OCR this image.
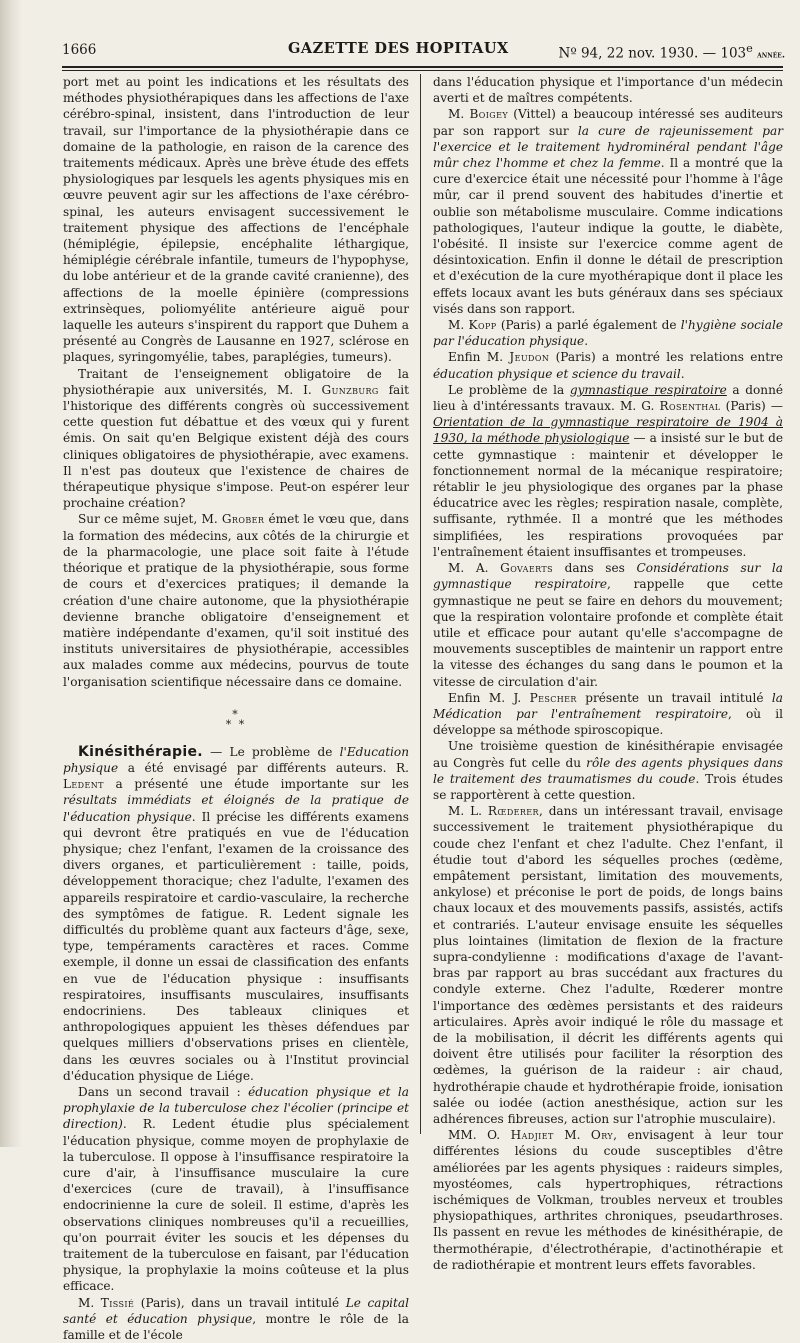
1666	GAZETTE DES HOPITAUX	Nº 94, 22 nov. 1930. — 103e année.

port met au point les indications et les résultats des méthodes physiothérapiques dans les affections de l'axe cérébro-spinal, insistent, dans l'introduction de leur travail, sur l'importance de la physiothérapie dans ce domaine de la pathologie, en raison de la carence des traitements médicaux. Après une brève étude des effets physiologiques par lesquels les agents physiques mis en œuvre peuvent agir sur les affections de l'axe cérébro-spinal, les auteurs envisagent successivement le traitement physique des affections de l'encéphale (hémiplégie, épilepsie, encéphalite léthargique, hémiplégie cérébrale infantile, tumeurs de l'hypophyse, du lobe antérieur et de la grande cavité cranienne), des affections de la moelle épinière (compressions extrinsèques, poliomyélite antérieure aiguë pour laquelle les auteurs s'inspirent du rapport que Duhem a présenté au Congrès de Lausanne en 1927, sclérose en plaques, syringomyélie, tabes, paraplégies, tumeurs).

Traitant de l'enseignement obligatoire de la physiothérapie aux universités, M. I. Gunzburg fait l'historique des différents congrès où successivement cette question fut débattue et des vœux qui y furent émis. On sait qu'en Belgique existent déjà des cours cliniques obligatoires de physiothérapie, avec examens. Il n'est pas douteux que l'existence de chaires de thérapeutique physique s'impose. Peut-on espérer leur prochaine création?

Sur ce même sujet, M. Grober émet le vœu que, dans la formation des médecins, aux côtés de la chirurgie et de la pharmacologie, une place soit faite à l'étude théorique et pratique de la physiothérapie, sous forme de cours et d'exercices pratiques; il demande la création d'une chaire autonome, que la physiothérapie devienne branche obligatoire d'enseignement et matière indépendante d'examen, qu'il soit institué des instituts universitaires de physiothérapie, accessibles aux malades comme aux médecins, pourvus de toute l'organisation scientifique nécessaire dans ce domaine.

*
* *

Kinésithérapie. — Le problème de l'Education physique a été envisagé par différents auteurs. R. Ledent a présenté une étude importante sur les résultats immédiats et éloignés de la pratique de l'éducation physique. Il précise les différents examens qui devront être pratiqués en vue de l'éducation physique; chez l'enfant, l'examen de la croissance des divers organes, et particulièrement : taille, poids, développement thoracique; chez l'adulte, l'examen des appareils respiratoire et cardio-vasculaire, la recherche des symptômes de fatigue. R. Ledent signale les difficultés du problème quant aux facteurs d'âge, sexe, type, tempéraments caractères et races. Comme exemple, il donne un essai de classification des enfants en vue de l'éducation physique : insuffisants respiratoires, insuffisants musculaires, insuffisants endocriniens. Des tableaux cliniques et anthropologiques appuient les thèses défendues par quelques milliers d'observations prises en clientèle, dans les œuvres sociales ou à l'Institut provincial d'éducation physique de Liége.

Dans un second travail : éducation physique et la prophylaxie de la tuberculose chez l'écolier (principe et direction). R. Ledent étudie plus spécialement l'éducation physique, comme moyen de prophylaxie de la tuberculose. Il oppose à l'insuffisance respiratoire la cure d'air, à l'insuffisance musculaire la cure d'exercices (cure de travail), à l'insuffisance endocrinienne la cure de soleil. Il estime, d'après les observations cliniques nombreuses qu'il a recueillies, qu'on pourrait éviter les soucis et les dépenses du traitement de la tuberculose en faisant, par l'éducation physique, la prophylaxie la moins coûteuse et la plus efficace.

M. Tissié (Paris), dans un travail intitulé Le capital santé et éducation physique, montre le rôle de la famille et de l'école

dans l'éducation physique et l'importance d'un médecin averti et de maîtres compétents.

M. Boigey (Vittel) a beaucoup intéressé ses auditeurs par son rapport sur la cure de rajeunissement par l'exercice et le traitement hydrominéral pendant l'âge mûr chez l'homme et chez la femme. Il a montré que la cure d'exercice était une nécessité pour l'homme à l'âge mûr, car il prend souvent des habitudes d'inertie et oublie son métabolisme musculaire. Comme indications pathologiques, l'auteur indique la goutte, le diabète, l'obésité. Il insiste sur l'exercice comme agent de désintoxication. Enfin il donne le détail de prescription et d'exécution de la cure myothérapique dont il place les effets locaux avant les buts généraux dans ses spéciaux visés dans son rapport.

M. Kopp (Paris) a parlé également de l'hygiène sociale par l'éducation physique.

Enfin M. Jeudon (Paris) a montré les relations entre éducation physique et science du travail.

Le problème de la gymnastique respiratoire a donné lieu à d'intéressants travaux. M. G. Rosenthal (Paris) — Orientation de la gymnastique respiratoire de 1904 à 1930, la méthode physiologique — a insisté sur le but de cette gymnastique : maintenir et développer le fonctionnement normal de la mécanique respiratoire; rétablir le jeu physiologique des organes par la phase éducatrice avec les règles; respiration nasale, complète, suffisante, rythmée. Il a montré que les méthodes simplifiées, les respirations provoquées par l'entraînement étaient insuffisantes et trompeuses.

M. A. Govaerts dans ses Considérations sur la gymnastique respiratoire, rappelle que cette gymnastique ne peut se faire en dehors du mouvement; que la respiration volontaire profonde et complète était utile et efficace pour autant qu'elle s'accompagne de mouvements susceptibles de maintenir un rapport entre la vitesse des échanges du sang dans le poumon et la vitesse de circulation d'air.

Enfin M. J. Pescher présente un travail intitulé la Médication par l'entraînement respiratoire, où il développe sa méthode spiroscopique.

Une troisième question de kinésithérapie envisagée au Congrès fut celle du rôle des agents physiques dans le traitement des traumatismes du coude. Trois études se rapportèrent à cette question.

M. L. Rœderer, dans un intéressant travail, envisage successivement le traitement physiothérapique du coude chez l'enfant et chez l'adulte. Chez l'enfant, il étudie tout d'abord les séquelles proches (œdème, empâtement persistant, limitation des mouvements, ankylose) et préconise le port de poids, de longs bains chaux locaux et des mouvements passifs, assistés, actifs et contrariés. L'auteur envisage ensuite les séquelles plus lointaines (limitation de flexion de la fracture supra-condylienne : modifications d'axage de l'avant-bras par rapport au bras succédant aux fractures du condyle externe. Chez l'adulte, Rœderer montre l'importance des œdèmes persistants et des raideurs articulaires. Après avoir indiqué le rôle du massage et de la mobilisation, il décrit les différents agents qui doivent être utilisés pour faciliter la résorption des œdèmes, la guérison de la raideur : air chaud, hydrothérapie chaude et hydrothérapie froide, ionisation salée ou iodée (action anesthésique, action sur les adhérences fibreuses, action sur l'atrophie musculaire).

MM. O. Hadjiet M. Ory, envisagent à leur tour différentes lésions du coude susceptibles d'être améliorées par les agents physiques : raideurs simples, myostéomes, cals hypertrophiques, rétractions ischémiques de Volkman, troubles nerveux et troubles physiopathiques, arthrites chroniques, pseudarthroses. Ils passent en revue les méthodes de kinésithérapie, de thermothérapie, d'électrothérapie, d'actinothérapie et de radiothérapie et montrent leurs effets favorables.
